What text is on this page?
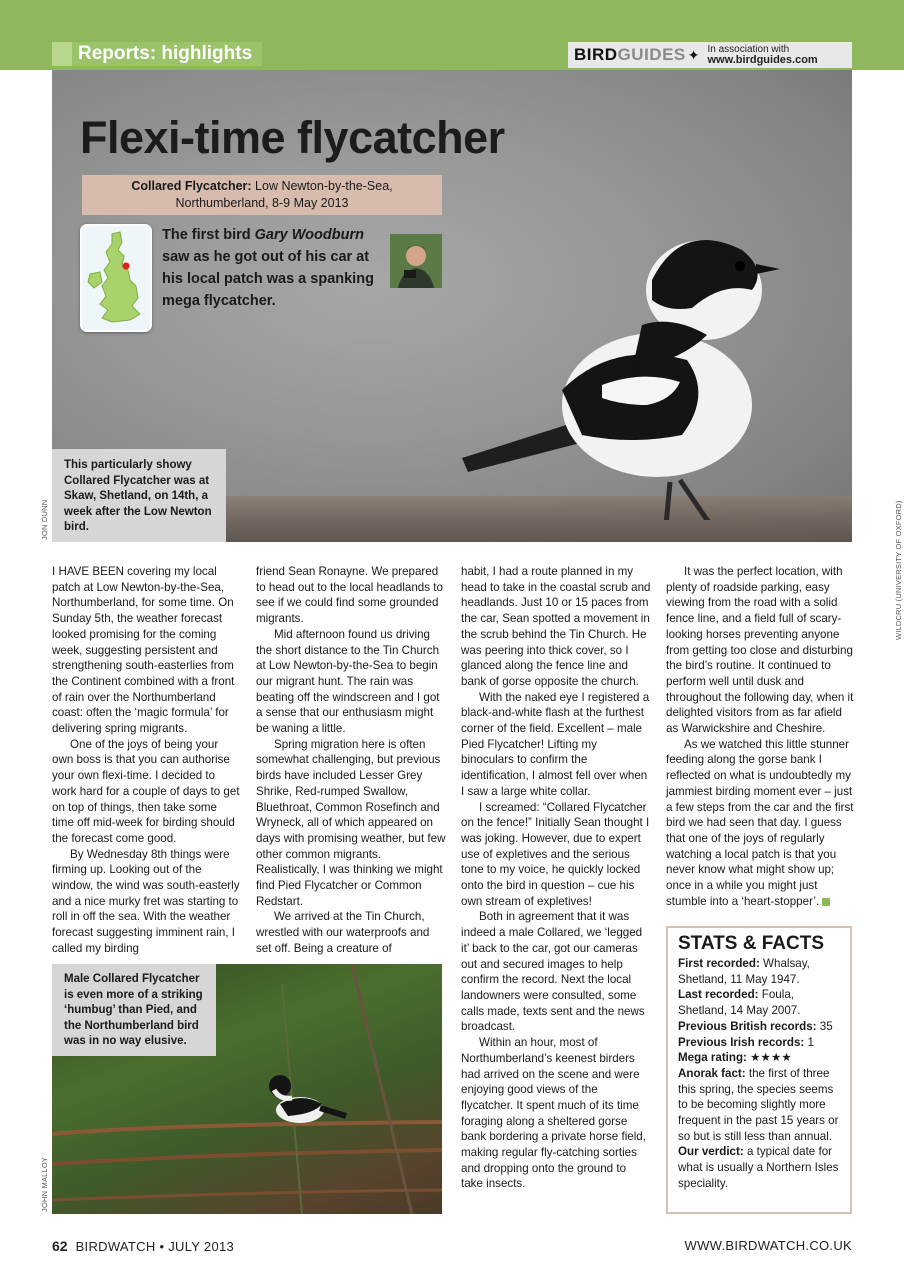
Reports: highlights	BIRDGUIDES ✦ In association with
www.birdguides.com
Flexi-time flycatcher
Collared Flycatcher: Low Newton-by-the-Sea,
Northumberland, 8-9 May 2013
The first bird Gary Woodburn saw as he got out of his car at his local patch was a spanking mega flycatcher.
This particularly showy Collared Flycatcher was at Skaw, Shetland, on 14th, a week after the Low Newton bird.
JON DUNN	WILDCRU (UNIVERSITY OF OXFORD)

I HAVE BEEN covering my local patch at Low Newton-by-the-Sea, Northumberland, for some time. On Sunday 5th, the weather forecast looked promising for the coming week, suggesting persistent and strengthening south-easterlies from the Continent combined with a front of rain over the Northumberland coast: often the ‘magic formula’ for delivering spring migrants.

One of the joys of being your own boss is that you can authorise your own flexi-time. I decided to work hard for a couple of days to get on top of things, then take some time off mid-week for birding should the forecast come good.

By Wednesday 8th things were firming up. Looking out of the window, the wind was south-easterly and a nice murky fret was starting to roll in off the sea. With the weather forecast suggesting imminent rain, I called my birding

friend Sean Ronayne. We prepared to head out to the local headlands to see if we could find some grounded migrants.

Mid afternoon found us driving the short distance to the Tin Church at Low Newton-by-the-Sea to begin our migrant hunt. The rain was beating off the windscreen and I got a sense that our enthusiasm might be waning a little.

Spring migration here is often somewhat challenging, but previous birds have included Lesser Grey Shrike, Red-rumped Swallow, Bluethroat, Common Rosefinch and Wryneck, all of which appeared on days with promising weather, but few other common migrants. Realistically, I was thinking we might find Pied Flycatcher or Common Redstart.

We arrived at the Tin Church, wrestled with our waterproofs and set off. Being a creature of

habit, I had a route planned in my head to take in the coastal scrub and headlands. Just 10 or 15 paces from the car, Sean spotted a movement in the scrub behind the Tin Church. He was peering into thick cover, so I glanced along the fence line and bank of gorse opposite the church.

With the naked eye I registered a black-and-white flash at the furthest corner of the field. Excellent – male Pied Flycatcher! Lifting my binoculars to confirm the identification, I almost fell over when I saw a large white collar.

I screamed: “Collared Flycatcher on the fence!” Initially Sean thought I was joking. However, due to expert use of expletives and the serious tone to my voice, he quickly locked onto the bird in question – cue his own stream of expletives!

Both in agreement that it was indeed a male Collared, we ‘legged it’ back to the car, got our cameras out and secured images to help confirm the record. Next the local landowners were consulted, some calls made, texts sent and the news broadcast.

Within an hour, most of Northumberland’s keenest birders had arrived on the scene and were enjoying good views of the flycatcher. It spent much of its time foraging along a sheltered gorse bank bordering a private horse field, making regular fly-catching sorties and dropping onto the ground to take insects.

It was the perfect location, with plenty of roadside parking, easy viewing from the road with a solid fence line, and a field full of scary-looking horses preventing anyone from getting too close and disturbing the bird’s routine. It continued to perform well until dusk and throughout the following day, when it delighted visitors from as far afield as Warwickshire and Cheshire.

As we watched this little stunner feeding along the gorse bank I reflected on what is undoubtedly my jammiest birding moment ever – just a few steps from the car and the first bird we had seen that day. I guess that one of the joys of regularly watching a local patch is that you never know what might show up; once in a while you might just stumble into a ‘heart-stopper’.

Male Collared Flycatcher is even more of a striking ‘humbug’ than Pied, and the Northumberland bird was in no way elusive.
JOHN MALLOY
STATS & FACTS
First recorded: Whalsay, Shetland, 11 May 1947.
Last recorded: Foula, Shetland, 14 May 2007.
Previous British records: 35
Previous Irish records: 1
Mega rating: ★★★★
Anorak fact: the first of three this spring, the species seems to be becoming slightly more frequent in the past 15 years or so but is still less than annual.
Our verdict: a typical date for what is usually a Northern Isles speciality.
62 BIRDWATCH • JULY 2013	WWW.BIRDWATCH.CO.UK
